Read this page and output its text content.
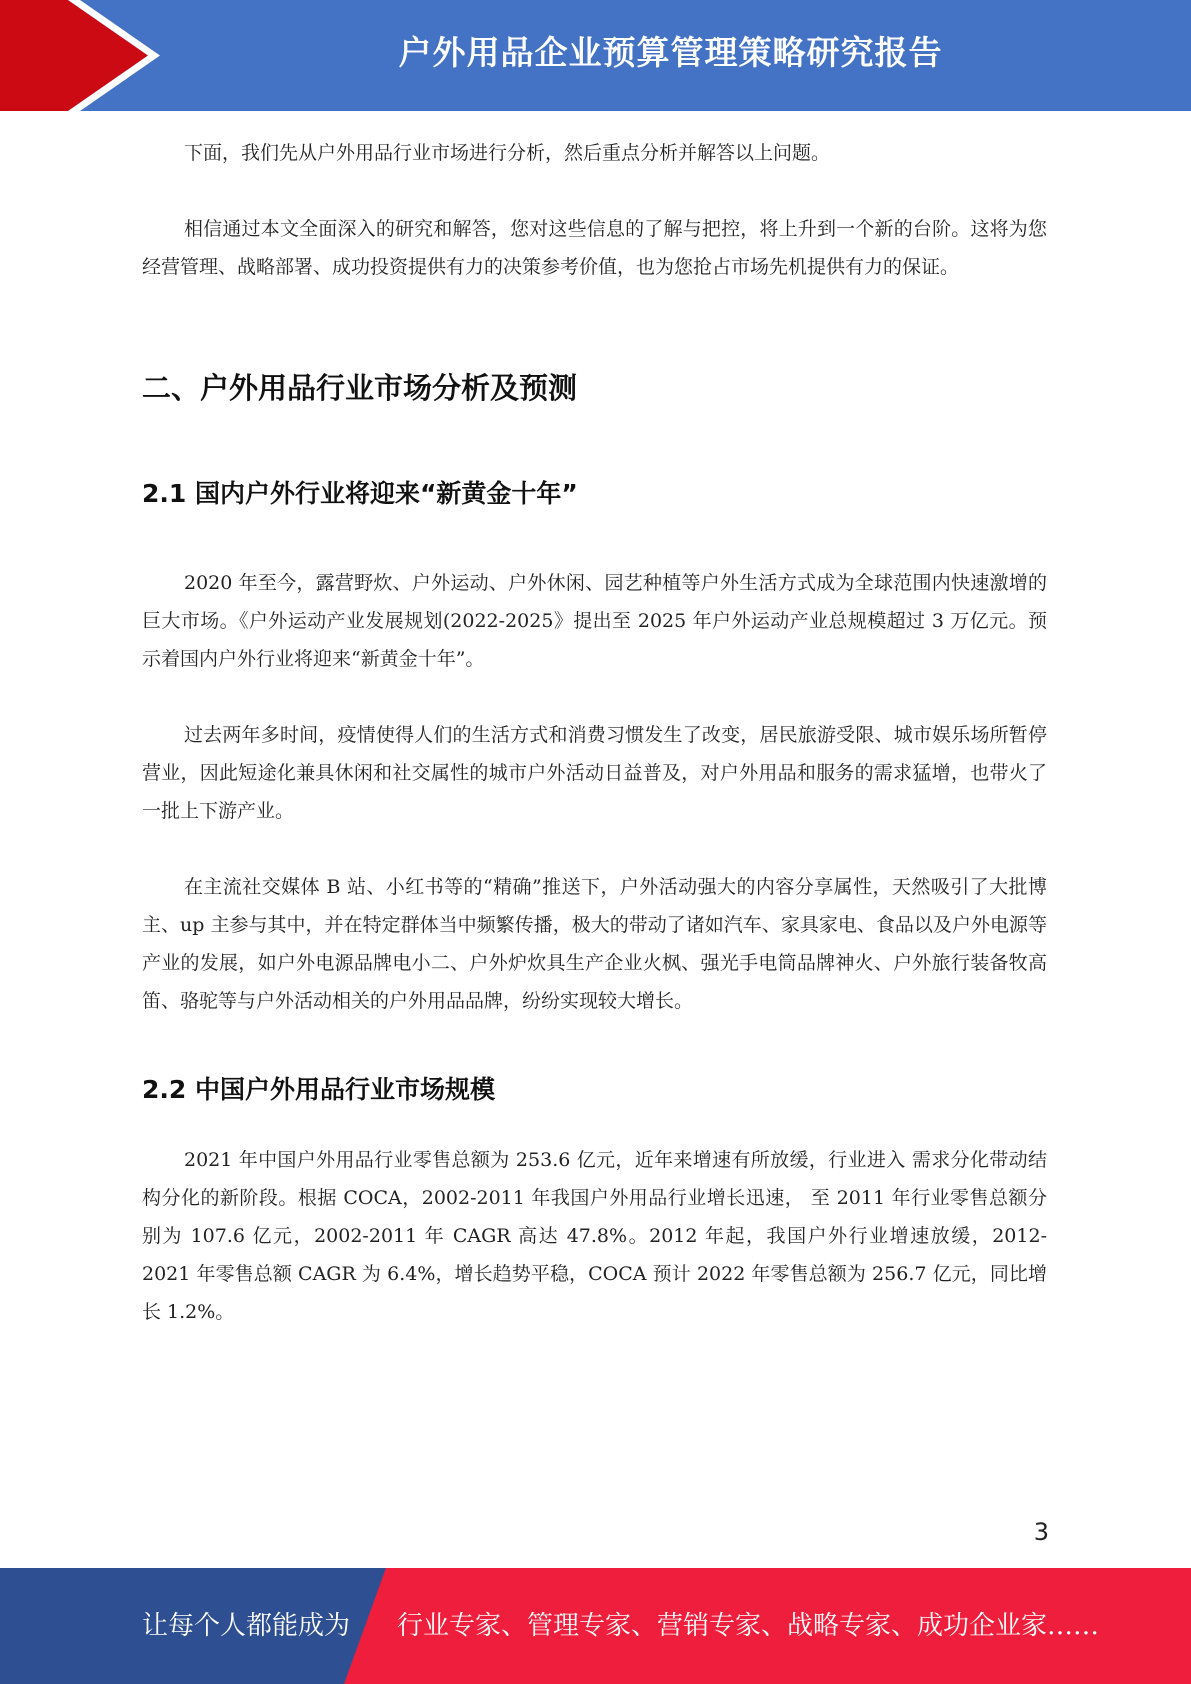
户外用品企业预算管理策略研究报告

下面，我们先从户外用品行业市场进行分析，然后重点分析并解答以上问题。

相信通过本文全面深入的研究和解答，您对这些信息的了解与把控，将上升到一个新的台阶。这将为您经营管理、战略部署、成功投资提供有力的决策参考价值，也为您抢占市场先机提供有力的保证。

二、户外用品行业市场分析及预测
2.1 国内户外行业将迎来“新黄金十年”

2020 年至今，露营野炊、户外运动、户外休闲、园艺种植等户外生活方式成为全球范围内快速激增的巨大市场。《户外运动产业发展规划(2022-2025》提出至 2025 年户外运动产业总规模超过 3 万亿元。预示着国内户外行业将迎来“新黄金十年”。

过去两年多时间，疫情使得人们的生活方式和消费习惯发生了改变，居民旅游受限、城市娱乐场所暂停营业，因此短途化兼具休闲和社交属性的城市户外活动日益普及，对户外用品和服务的需求猛增，也带火了一批上下游产业。

在主流社交媒体 B 站、小红书等的“精确”推送下，户外活动强大的内容分享属性，天然吸引了大批博主、up 主参与其中，并在特定群体当中频繁传播，极大的带动了诸如汽车、家具家电、食品以及户外电源等产业的发展，如户外电源品牌电小二、户外炉炊具生产企业火枫、强光手电筒品牌神火、户外旅行装备牧高笛、骆驼等与户外活动相关的户外用品品牌，纷纷实现较大增长。

2.2 中国户外用品行业市场规模

2021 年中国户外用品行业零售总额为 253.6 亿元，近年来增速有所放缓，行业进入 需求分化带动结构分化的新阶段。根据 COCA，2002-2011 年我国户外用品行业增长迅速， 至 2011 年行业零售总额分别为 107.6 亿元，2002-2011 年 CAGR 高达 47.8%。2012 年起，我国户外行业增速放缓，2012-2021 年零售总额 CAGR 为 6.4%，增长趋势平稳，COCA 预计 2022 年零售总额为 256.7 亿元，同比增长 1.2%。

3
让每个人都能成为 行业专家、管理专家、营销专家、战略专家、成功企业家……
